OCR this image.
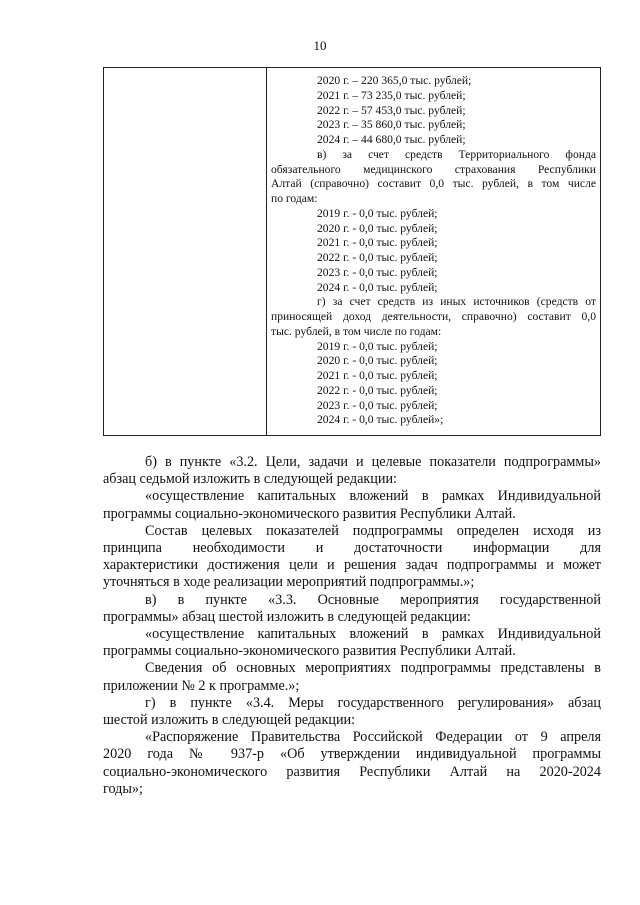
10
2020 г. – 220 365,0 тыс. рублей;
2021 г. – 73 235,0 тыс. рублей;
2022 г. – 57 453,0 тыс. рублей;
2023 г. – 35 860,0 тыс. рублей;
2024 г. – 44 680,0 тыс. рублей;
в) за счет средств Территориального фонда
обязательного медицинского страхования Республики
Алтай (справочно) составит 0,0 тыс. рублей, в том числе
по годам:
2019 г. - 0,0 тыс. рублей;
2020 г. - 0,0 тыс. рублей;
2021 г. - 0,0 тыс. рублей;
2022 г. - 0,0 тыс. рублей;
2023 г. - 0,0 тыс. рублей;
2024 г. - 0,0 тыс. рублей;
г) за счет средств из иных источников (средств от
приносящей доход деятельности, справочно) составит 0,0
тыс. рублей, в том числе по годам:
2019 г. - 0,0 тыс. рублей;
2020 г. - 0,0 тыс. рублей;
2021 г. - 0,0 тыс. рублей;
2022 г. - 0,0 тыс. рублей;
2023 г. - 0,0 тыс. рублей;
2024 г. - 0,0 тыс. рублей»;
б) в пункте «3.2. Цели, задачи и целевые показатели подпрограммы»
абзац седьмой изложить в следующей редакции:
«осуществление капитальных вложений в рамках Индивидуальной
программы социально-экономического развития Республики Алтай.
Состав целевых показателей подпрограммы определен исходя из
принципа необходимости и достаточности информации для
характеристики достижения цели и решения задач подпрограммы и может
уточняться в ходе реализации мероприятий подпрограммы.»;
в) в пункте «3.3. Основные мероприятия государственной
программы» абзац шестой изложить в следующей редакции:
«осуществление капитальных вложений в рамках Индивидуальной
программы социально-экономического развития Республики Алтай.
Сведения об основных мероприятиях подпрограммы представлены в
приложении № 2 к программе.»;
г) в пункте «3.4. Меры государственного регулирования» абзац
шестой изложить в следующей редакции:
«Распоряжение Правительства Российской Федерации от 9 апреля
2020 года № 937-р «Об утверждении индивидуальной программы
социально-экономического развития Республики Алтай на 2020-2024
годы»;
